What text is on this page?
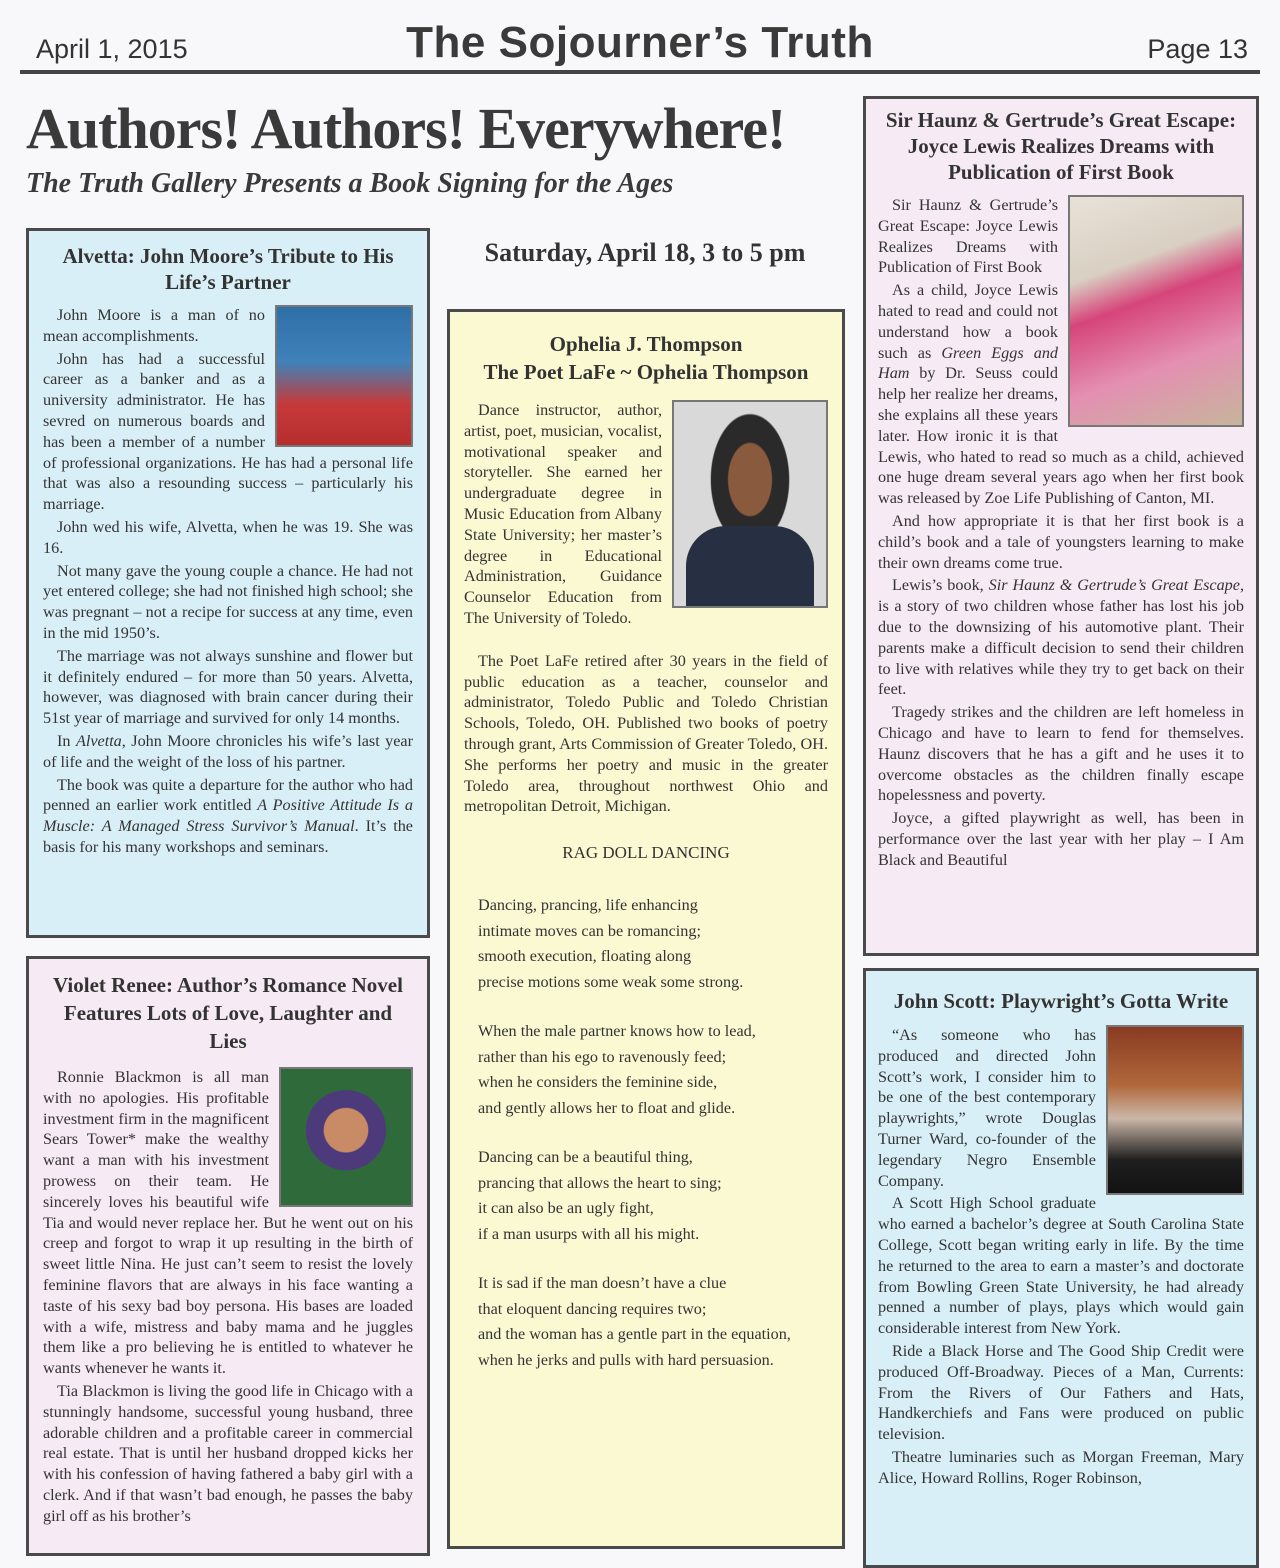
April 1, 2015	The Sojourner’s Truth	Page 13
Authors! Authors! Everywhere!
The Truth Gallery Presents a Book Signing for the Ages
Saturday, April 18, 3 to 5 pm
Alvetta: John Moore’s Tribute to His Life’s Partner

John Moore is a man of no mean accomplishments.

John has had a successful career as a banker and as a university administrator. He has sevred on numerous boards and has been a member of a number of professional organizations. He has had a personal life that was also a resounding success – particularly his marriage.

John wed his wife, Alvetta, when he was 19. She was 16.

Not many gave the young couple a chance. He had not yet entered college; she had not finished high school; she was pregnant – not a recipe for success at any time, even in the mid 1950’s.

The marriage was not always sunshine and flower but it definitely endured – for more than 50 years. Alvetta, however, was diagnosed with brain cancer during their 51st year of marriage and survived for only 14 months.

In Alvetta, John Moore chronicles his wife’s last year of life and the weight of the loss of his partner.

The book was quite a departure for the author who had penned an earlier work entitled A Positive Attitude Is a Muscle: A Managed Stress Survivor’s Manual. It’s the basis for his many workshops and seminars.

Violet Renee: Author’s Romance Novel Features Lots of Love, Laughter and Lies

Ronnie Blackmon is all man with no apologies. His profitable investment firm in the magnificent Sears Tower* make the wealthy want a man with his investment prowess on their team. He sincerely loves his beautiful wife Tia and would never replace her. But he went out on his creep and forgot to wrap it up resulting in the birth of sweet little Nina. He just can’t seem to resist the lovely feminine flavors that are always in his face wanting a taste of his sexy bad boy persona. His bases are loaded with a wife, mistress and baby mama and he juggles them like a pro believing he is entitled to whatever he wants whenever he wants it.

Tia Blackmon is living the good life in Chicago with a stunningly handsome, successful young husband, three adorable children and a profitable career in commercial real estate. That is until her husband dropped kicks her with his confession of having fathered a baby girl with a clerk. And if that wasn’t bad enough, he passes the baby girl off as his brother’s

Ophelia J. Thompson
The Poet LaFe ~ Ophelia Thompson

Dance instructor, author, artist, poet, musician, vocalist, motivational speaker and storyteller. She earned her undergraduate degree in Music Education from Albany State University; her master’s degree in Educational Administration, Guidance Counselor Education from The University of Toledo.

The Poet LaFe retired after 30 years in the field of public education as a teacher, counselor and administrator, Toledo Public and Toledo Christian Schools, Toledo, OH. Published two books of poetry through grant, Arts Commission of Greater Toledo, OH. She performs her poetry and music in the greater Toledo area, throughout northwest Ohio and metropolitan Detroit, Michigan.

RAG DOLL DANCING
Dancing, prancing, life enhancing
intimate moves can be romancing;
smooth execution, floating along
precise motions some weak some strong.
When the male partner knows how to lead,
rather than his ego to ravenously feed;
when he considers the feminine side,
and gently allows her to float and glide.
Dancing can be a beautiful thing,
prancing that allows the heart to sing;
it can also be an ugly fight,
if a man usurps with all his might.
It is sad if the man doesn’t have a clue
that eloquent dancing requires two;
and the woman has a gentle part in the equation,
when he jerks and pulls with hard persuasion.
Sir Haunz & Gertrude’s Great Escape: Joyce Lewis Realizes Dreams with Publication of First Book

Sir Haunz & Gertrude’s Great Escape: Joyce Lewis Realizes Dreams with Publication of First Book

As a child, Joyce Lewis hated to read and could not understand how a book such as Green Eggs and Ham by Dr. Seuss could help her realize her dreams, she explains all these years later. How ironic it is that Lewis, who hated to read so much as a child, achieved one huge dream several years ago when her first book was released by Zoe Life Publishing of Canton, MI.

And how appropriate it is that her first book is a child’s book and a tale of youngsters learning to make their own dreams come true.

Lewis’s book, Sir Haunz & Gertrude’s Great Escape, is a story of two children whose father has lost his job due to the downsizing of his automotive plant. Their parents make a difficult decision to send their children to live with relatives while they try to get back on their feet.

Tragedy strikes and the children are left homeless in Chicago and have to learn to fend for themselves. Haunz discovers that he has a gift and he uses it to overcome obstacles as the children finally escape hopelessness and poverty.

Joyce, a gifted playwright as well, has been in performance over the last year with her play – I Am Black and Beautiful

John Scott: Playwright’s Gotta Write

“As someone who has produced and directed John Scott’s work, I consider him to be one of the best contemporary playwrights,” wrote Douglas Turner Ward, co-founder of the legendary Negro Ensemble Company.

A Scott High School graduate who earned a bachelor’s degree at South Carolina State College, Scott began writing early in life. By the time he returned to the area to earn a master’s and doctorate from Bowling Green State University, he had already penned a number of plays, plays which would gain considerable interest from New York.

Ride a Black Horse and The Good Ship Credit were produced Off-Broadway. Pieces of a Man, Currents: From the Rivers of Our Fathers and Hats, Handkerchiefs and Fans were produced on public television.

Theatre luminaries such as Morgan Freeman, Mary Alice, Howard Rollins, Roger Robinson,
